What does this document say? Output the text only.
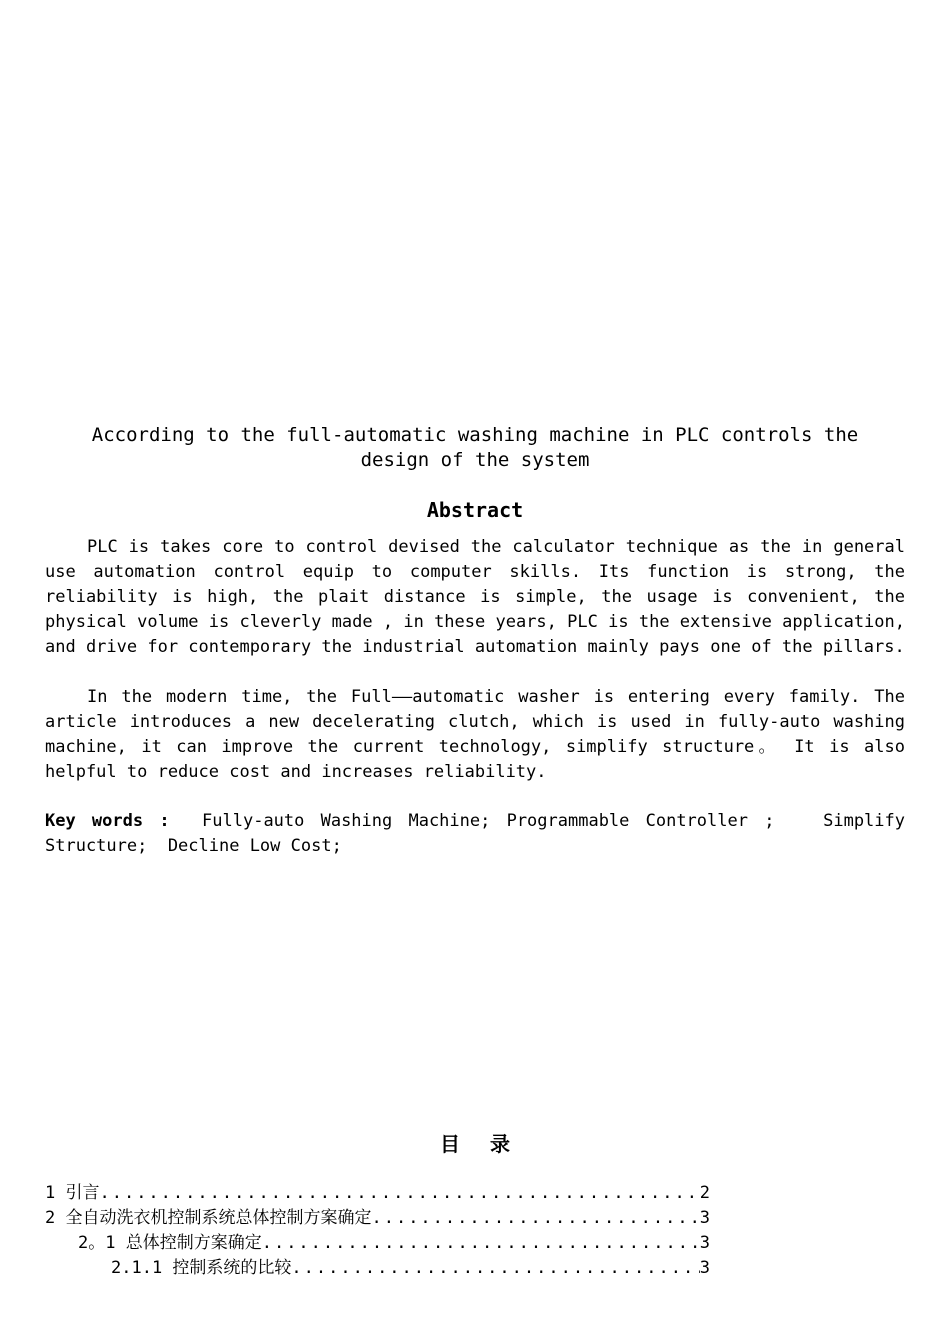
According to the full-automatic washing machine in PLC controls the
design of the system
Abstract

PLC is takes core to control devised the calculator technique as the in general use automation control equip to computer skills. Its function is strong, the reliability is high, the plait distance is simple, the usage is convenient, the physical volume is cleverly made , in these years, PLC is the extensive application, and drive for contemporary the industrial automation mainly pays one of the pillars.

In the modern time, the Full——automatic washer is entering every family. The article introduces a new decelerating clutch, which is used in fully-auto washing machine, it can improve the current technology, simplify structure。 It is also helpful to reduce cost and increases reliability.

Key words :  Fully-auto Washing Machine; Programmable Controller ;   Simplify Structure;  Decline Low Cost;

目录
1 引言 .....	2
2 全自动洗衣机控制系统总体控制方案确定 .....	3
2。1 总体控制方案确定 .....	3
2.1.1 控制系统的比较 .....	3
